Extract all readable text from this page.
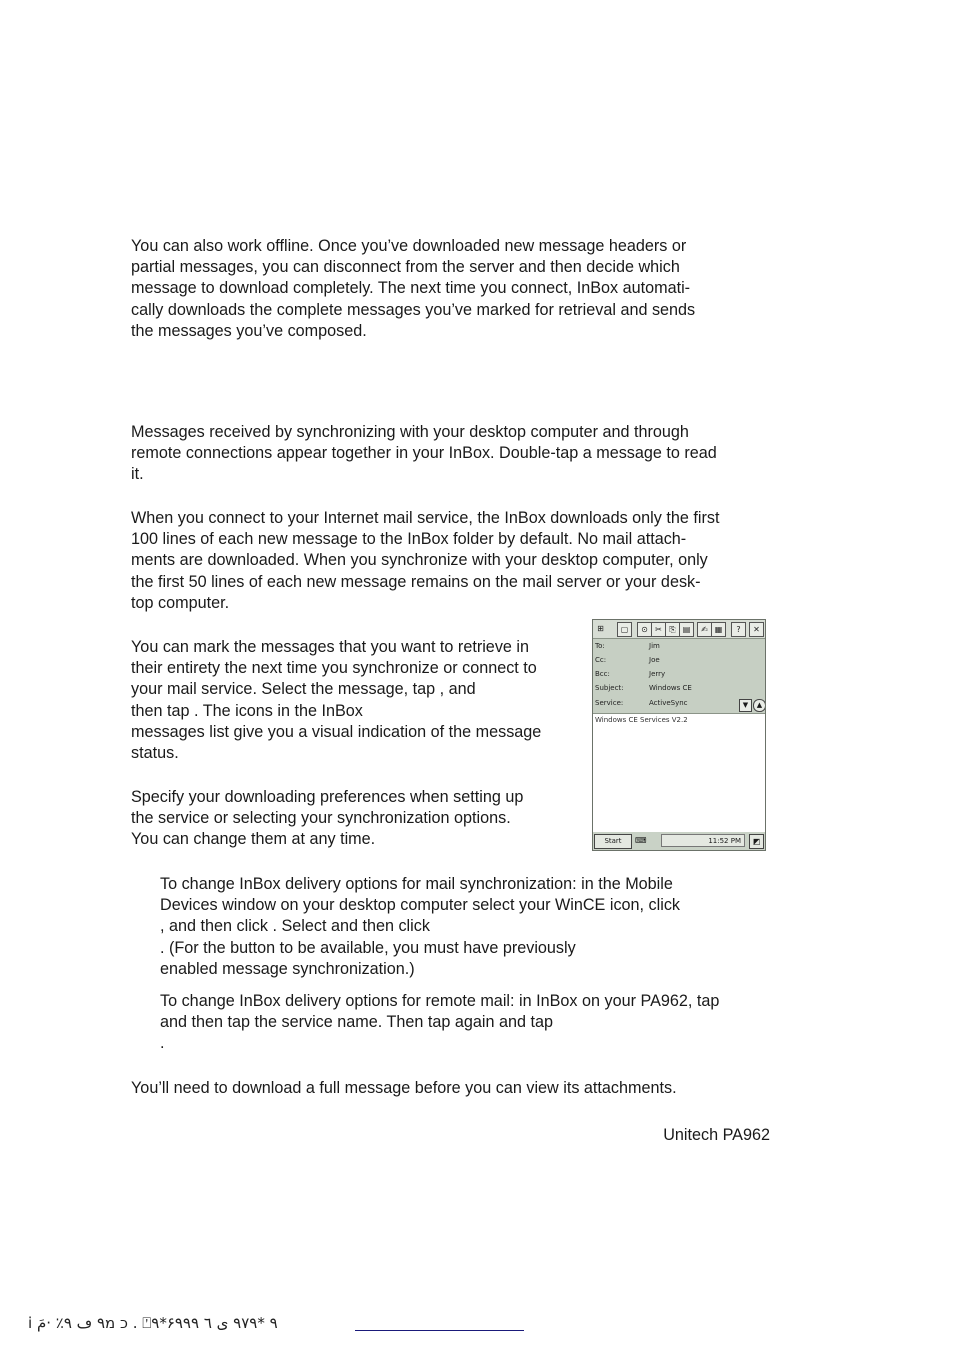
You can also work offline. Once you’ve downloaded new message headers or
partial messages, you can disconnect from the server and then decide which
message to download completely. The next time you connect, InBox automati-
cally downloads the complete messages you’ve marked for retrieval and sends
the messages you’ve composed.

Messages received by synchronizing with your desktop computer and through
remote connections appear together in your InBox. Double-tap a message to read
it.

When you connect to your Internet mail service, the InBox downloads only the first
100 lines of each new message to the InBox folder by default. No mail attach-
ments are downloaded. When you synchronize with your desktop computer, only
the first 50 lines of each new message remains on the mail server or your desk-
top computer.

You can mark the messages that you want to retrieve in
their entirety the next time you synchronize or connect to
your mail service. Select the message, tap , and
then tap . The icons in the InBox
messages list give you a visual indication of the message
status.

Specify your downloading preferences when setting up
the service or selecting your synchronization options.
You can change them at any time.

To change InBox delivery options for mail synchronization: in the Mobile
Devices window on your desktop computer select your WinCE icon, click
, and then click . Select and then click
. (For the button to be available, you must have previously
enabled message synchronization.)

To change InBox delivery options for remote mail: in InBox on your PA962, tap
and then tap the service name. Then tap again and tap
.

You’ll need to download a full message before you can view its attachments.

Unitech PA962
⊞	▢	⊙ ✂ ⎘ ▤	✍ ▦	?	✕
To:	Jim
Cc:	Joe
Bcc:	Jerry
Subject:	Windows CE
Service:	ActiveSync	▼	▲
Windows CE Services V2.2
Start	⌨	11:52 PM	◩
i כ מ٩ ڡ ٩٪ ·مَ . ⍞٩*۶٩ *٩٧٩ ى ٦ ٩٩٩
